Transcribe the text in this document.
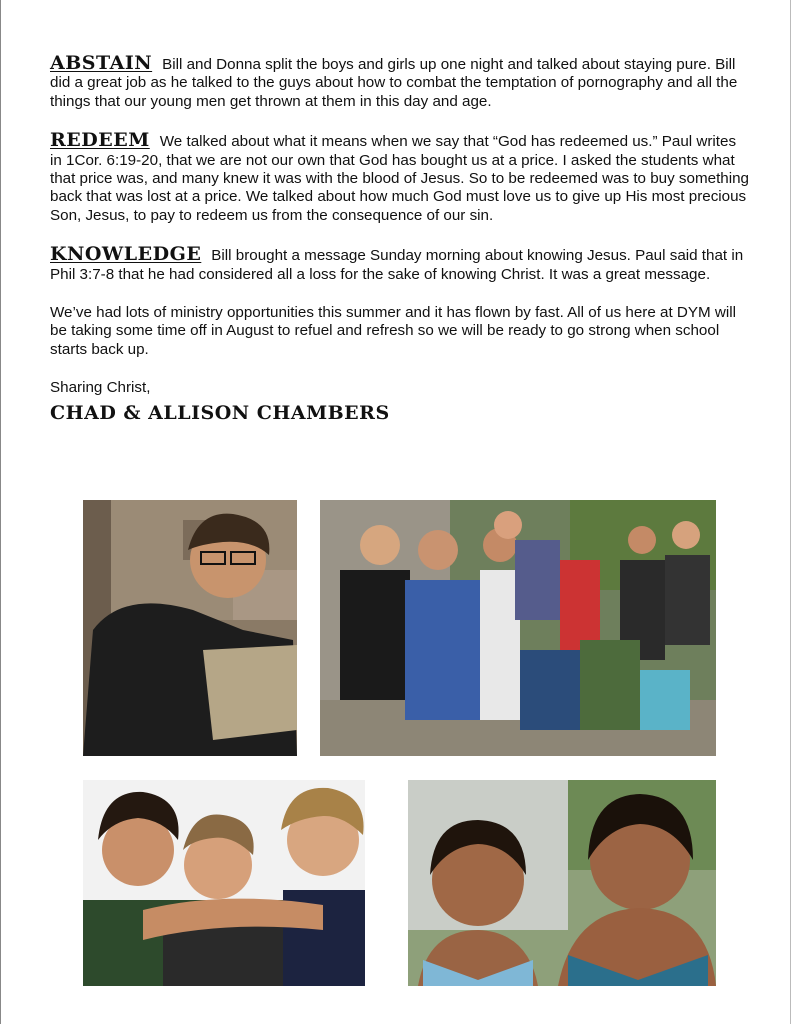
ABSTAIN Bill and Donna split the boys and girls up one night and talked about staying pure. Bill did a great job as he talked to the guys about how to combat the temptation of pornography and all the things that our young men get thrown at them in this day and age.

REDEEM We talked about what it means when we say that “God has redeemed us.” Paul writes in 1Cor. 6:19-20, that we are not our own that God has bought us at a price. I asked the students what that price was, and many knew it was with the blood of Jesus. So to be redeemed was to buy something back that was lost at a price. We talked about how much God must love us to give up His most precious Son, Jesus, to pay to redeem us from the consequence of our sin.

KNOWLEDGE Bill brought a message Sunday morning about knowing Jesus. Paul said that in Phil 3:7-8 that he had considered all a loss for the sake of knowing Christ. It was a great message.

We’ve had lots of ministry opportunities this summer and it has flown by fast. All of us here at DYM will be taking some time off in August to refuel and refresh so we will be ready to go strong when school starts back up.

Sharing Christ,

CHAD & ALLISON CHAMBERS
